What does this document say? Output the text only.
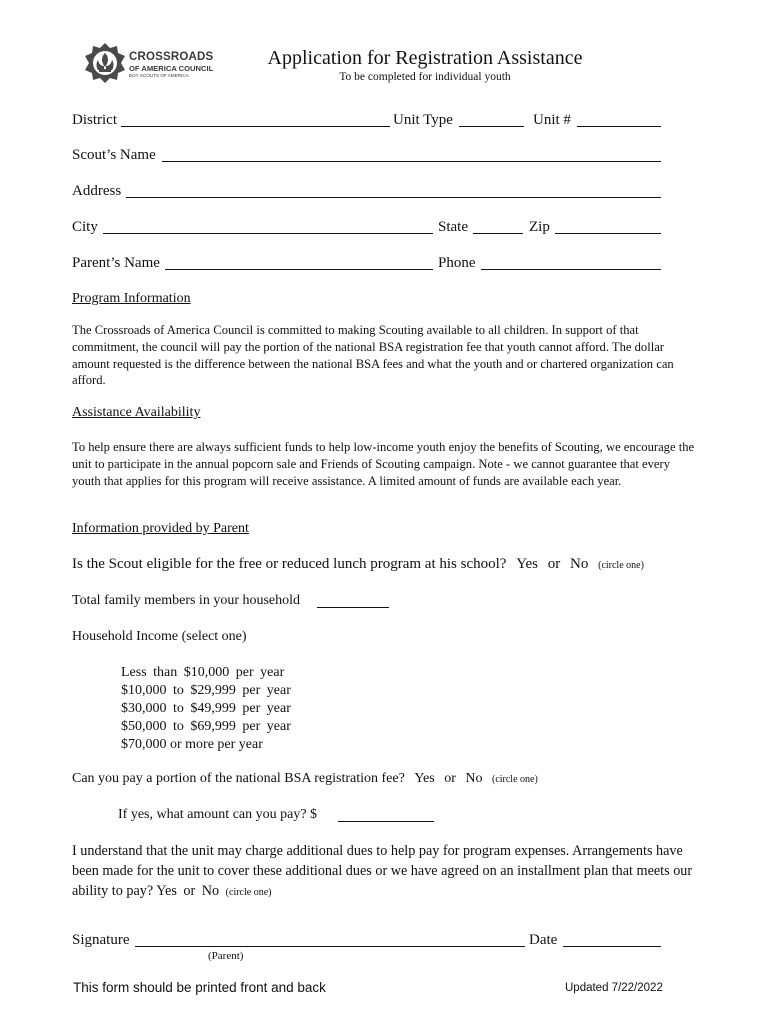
CROSSROADS
OF AMERICA COUNCIL
BOY SCOUTS OF AMERICA
Application for Registration Assistance
To be completed for individual youth
District	Unit Type	Unit #
Scout’s Name
Address
City	State	Zip
Parent’s Name	Phone
Program Information
The Crossroads of America Council is committed to making Scouting available to all children. In support of that commitment, the council will pay the portion of the national BSA registration fee that youth cannot afford. The dollar amount requested is the difference between the national BSA fees and what the youth and or chartered organization can afford.
Assistance Availability
To help ensure there are always sufficient funds to help low-income youth enjoy the benefits of Scouting, we encourage the unit to participate in the annual popcorn sale and Friends of Scouting campaign. Note - we cannot guarantee that every youth that applies for this program will receive assistance. A limited amount of funds are available each year.
Information provided by Parent
Is the Scout eligible for the free or reduced lunch program at his school? Yes or No (circle one)
Total family members in your household
Household Income (select one)
Less than $10,000 per year
$10,000 to $29,999 per year
$30,000 to $49,999 per year
$50,000 to $69,999 per year
$70,000 or more per year
Can you pay a portion of the national BSA registration fee? Yes or No (circle one)
If yes, what amount can you pay? $
I understand that the unit may charge additional dues to help pay for program expenses. Arrangements have been made for the unit to cover these additional dues or we have agreed on an installment plan that meets our ability to pay? Yes or No (circle one)
Signature
(Parent)
Date
This form should be printed front and back	Updated 7/22/2022
